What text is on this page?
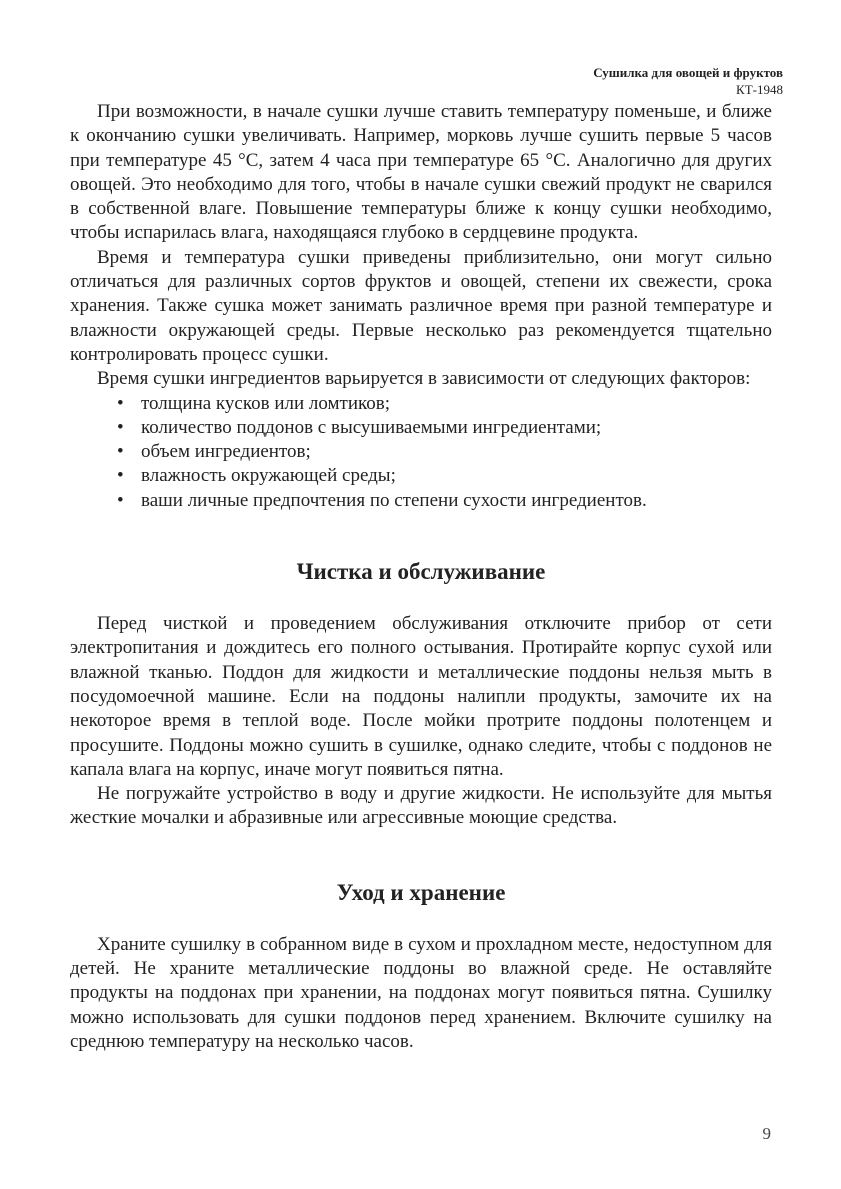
Сушилка для овощей и фруктов
КТ-1948

При возможности, в начале сушки лучше ставить температуру поменьше, и ближе к окончанию сушки увеличивать. Например, морковь лучше сушить первые 5 часов при температуре 45 °C, затем 4 часа при температуре 65 °C. Аналогично для других овощей. Это необходимо для того, чтобы в начале сушки свежий продукт не сварился в собственной влаге. Повышение температуры ближе к концу сушки необходимо, чтобы испарилась влага, находящаяся глубоко в сердцевине продукта.

Время и температура сушки приведены приблизительно, они могут сильно отличаться для различных сортов фруктов и овощей, степени их свежести, срока хранения. Также сушка может занимать различное время при разной температуре и влажности окружающей среды. Первые несколько раз рекомендуется тщательно контролировать процесс сушки.

Время сушки ингредиентов варьируется в зависимости от следующих факторов:

• толщина кусков или ломтиков;
• количество поддонов с высушиваемыми ингредиентами;
• объем ингредиентов;
• влажность окружающей среды;
• ваши личные предпочтения по степени сухости ингредиентов.
Чистка и обслуживание

Перед чисткой и проведением обслуживания отключите прибор от сети электропитания и дождитесь его полного остывания. Протирайте корпус сухой или влажной тканью. Поддон для жидкости и металлические поддоны нельзя мыть в посудомоечной машине. Если на поддоны налипли продукты, замочите их на некоторое время в теплой воде. После мойки протрите поддоны полотенцем и просушите. Поддоны можно сушить в сушилке, однако следите, чтобы с поддонов не капала влага на корпус, иначе могут появиться пятна.

Не погружайте устройство в воду и другие жидкости. Не используйте для мытья жесткие мочалки и абразивные или агрессивные моющие средства.

Уход и хранение

Храните сушилку в собранном виде в сухом и прохладном месте, недоступном для детей. Не храните металлические поддоны во влажной среде. Не оставляйте продукты на поддонах при хранении, на поддонах могут появиться пятна. Сушилку можно использовать для сушки поддонов перед хранением. Включите сушилку на среднюю температуру на несколько часов.

9
